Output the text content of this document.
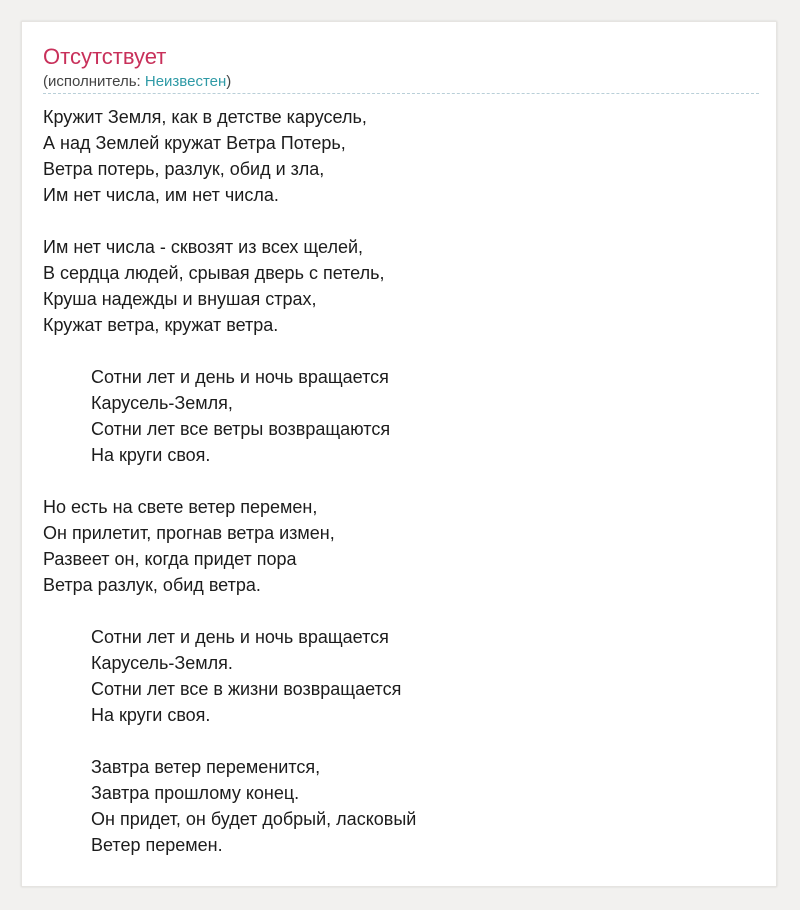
Отсутствует
(исполнитель: Неизвестен)
Кружит Земля, как в детстве карусель,
А над Землей кружат Ветра Потерь,
Ветра потерь, разлук, обид и зла,
Им нет числа, им нет числа.
Им нет числа - сквозят из всех щелей,
В сердца людей, срывая дверь с петель,
Круша надежды и внушая страх,
Кружат ветра, кружат ветра.
Сотни лет и день и ночь вращается
Карусель-Земля,
Сотни лет все ветры возвращаются
На круги своя.
Но есть на свете ветер перемен,
Он прилетит, прогнав ветра измен,
Развеет он, когда придет пора
Ветра разлук, обид ветра.
Сотни лет и день и ночь вращается
Карусель-Земля.
Сотни лет все в жизни возвращается
На круги своя.
Завтра ветер переменится,
Завтра прошлому конец.
Он придет, он будет добрый, ласковый
Ветер перемен.
